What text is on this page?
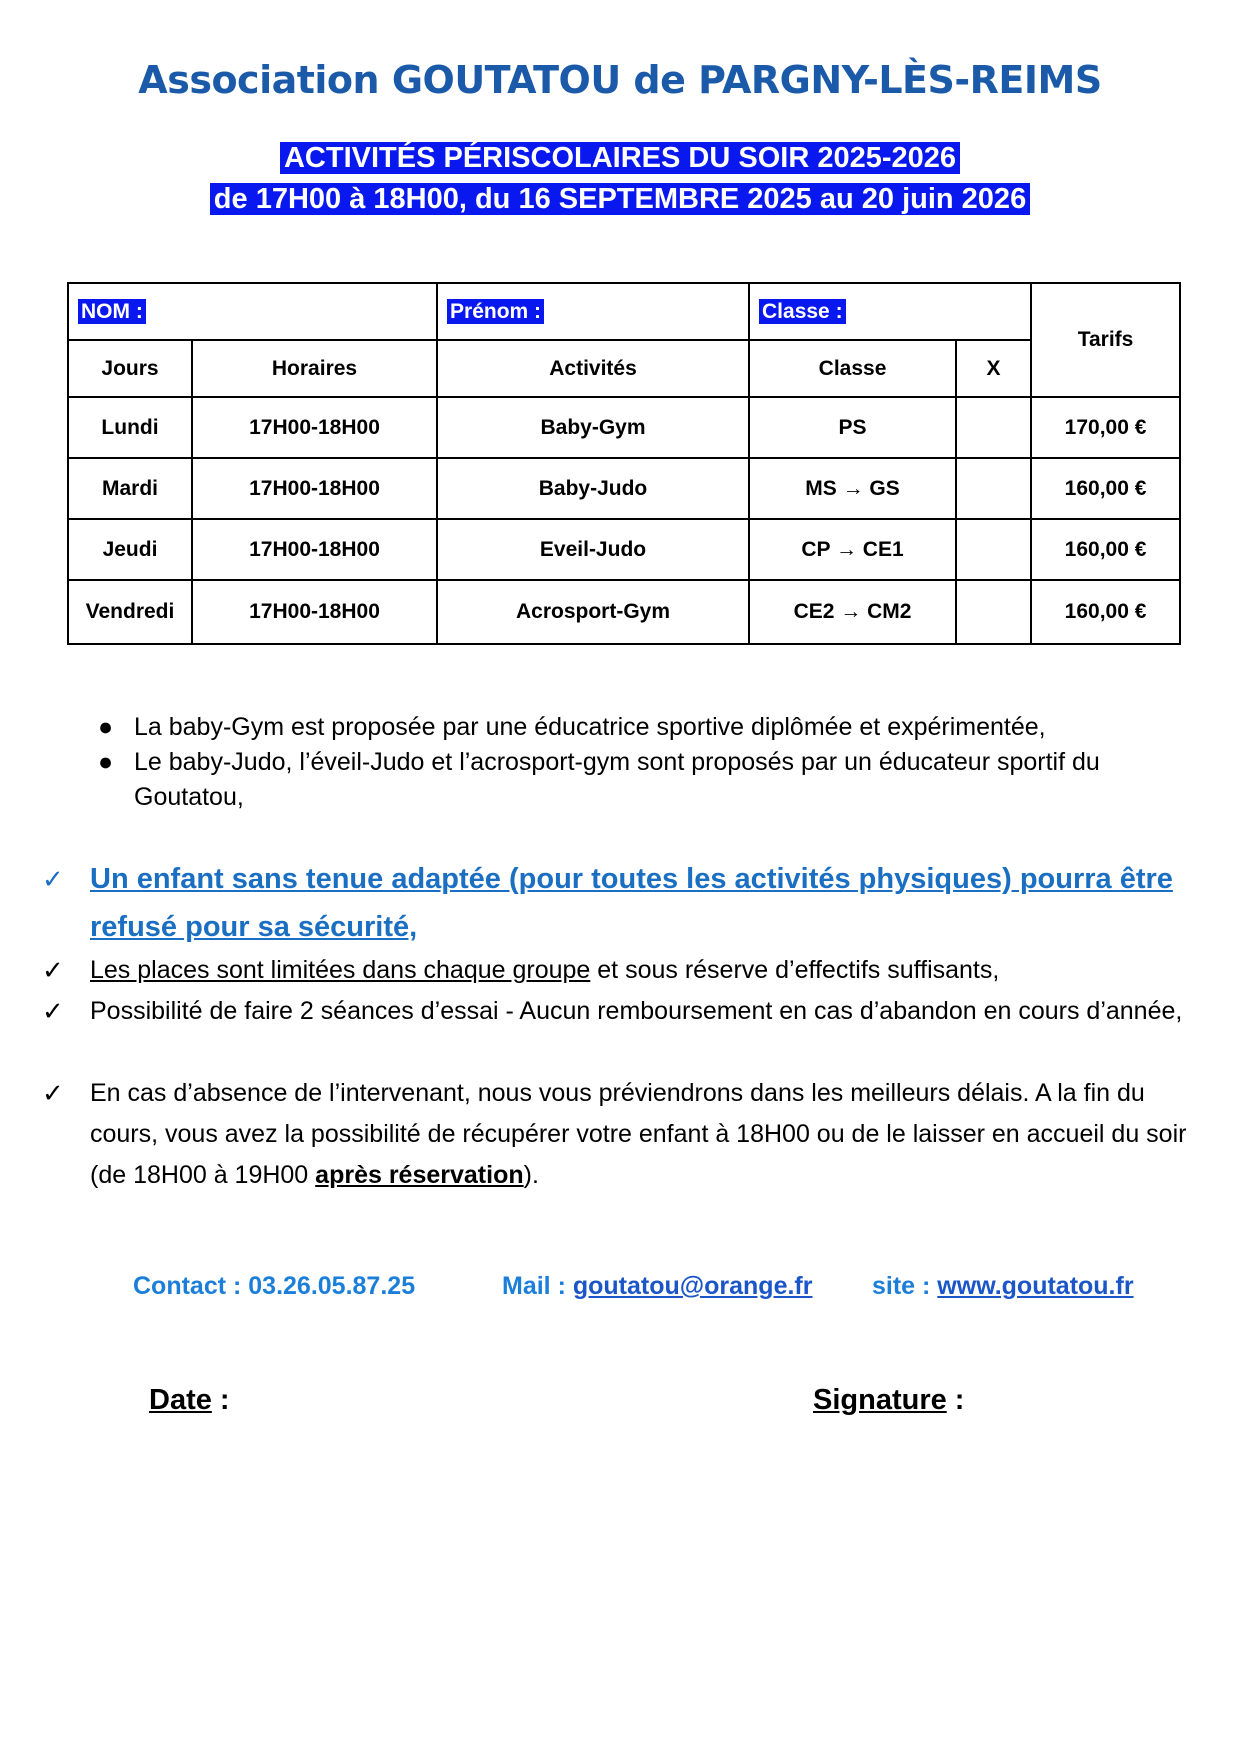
Association GOUTATOU de PARGNY-LÈS-REIMS
ACTIVITÉS PÉRISCOLAIRES DU SOIR 2025-2026
de 17H00 à 18H00, du 16 SEPTEMBRE 2025 au 20 juin 2026
NOM :		Prénom :	Classe :		Tarifs
Jours	Horaires	Activités	Classe	X	
Lundi	17H00-18H00	Baby-Gym	PS		170,00 €
Mardi	17H00-18H00	Baby-Judo	MS → GS		160,00 €
Jeudi	17H00-18H00	Eveil-Judo	CP → CE1		160,00 €
Vendredi	17H00-18H00	Acrosport-Gym	CE2 → CM2		160,00 €
● La baby-Gym est proposée par une éducatrice sportive diplômée et expérimentée,
● Le baby-Judo, l’éveil-Judo et l’acrosport-gym sont proposés par un éducateur sportif du Goutatou,
✓ Un enfant sans tenue adaptée (pour toutes les activités physiques) pourra être refusé pour sa sécurité,
✓ Les places sont limitées dans chaque groupe et sous réserve d’effectifs suffisants,
✓ Possibilité de faire 2 séances d’essai - Aucun remboursement en cas d’abandon en cours d’année,
✓ En cas d’absence de l’intervenant, nous vous préviendrons dans les meilleurs délais. A la fin du cours, vous avez la possibilité de récupérer votre enfant à 18H00 ou de le laisser en accueil du soir (de 18H00 à 19H00 après réservation).
Contact : 03.26.05.87.25	Mail : goutatou@orange.fr site : www.goutatou.fr
Date :	Signature :
